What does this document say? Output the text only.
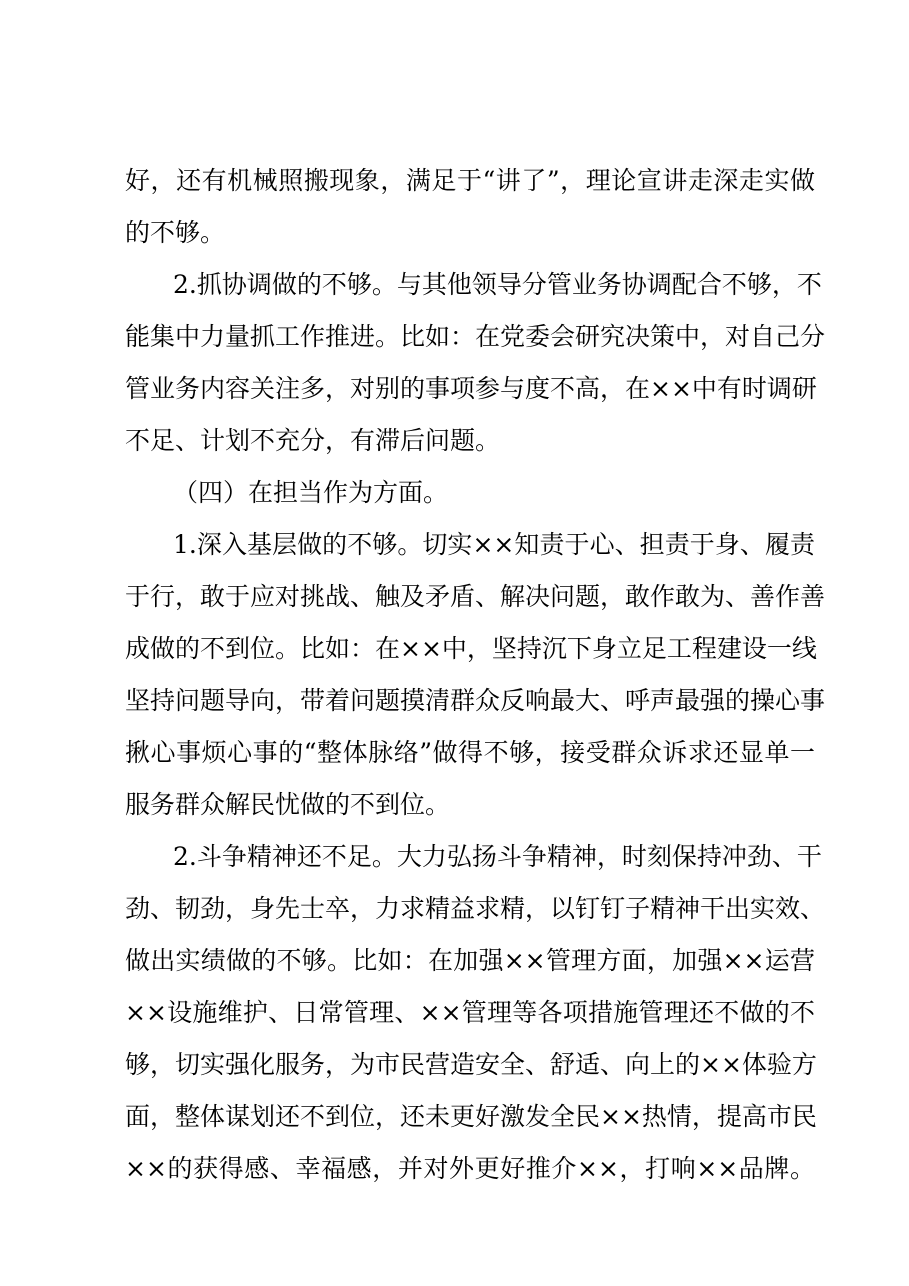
好，还有机械照搬现象，满足于“讲了”，理论宣讲走深走实做
的不够。
2.抓协调做的不够。与其他领导分管业务协调配合不够，不
能集中力量抓工作推进。比如：在党委会研究决策中，对自己分
管业务内容关注多，对别的事项参与度不高，在××中有时调研
不足、计划不充分，有滞后问题。
（四）在担当作为方面。
1.深入基层做的不够。切实××知责于心、担责于身、履责
于行，敢于应对挑战、触及矛盾、解决问题，敢作敢为、善作善
成做的不到位。比如：在××中，坚持沉下身立足工程建设一线
坚持问题导向，带着问题摸清群众反响最大、呼声最强的操心事
揪心事烦心事的“整体脉络”做得不够，接受群众诉求还显单一
服务群众解民忧做的不到位。
2.斗争精神还不足。大力弘扬斗争精神，时刻保持冲劲、干
劲、韧劲，身先士卒，力求精益求精，以钉钉子精神干出实效、
做出实绩做的不够。比如：在加强××管理方面，加强××运营
××设施维护、日常管理、××管理等各项措施管理还不做的不
够，切实强化服务，为市民营造安全、舒适、向上的××体验方
面，整体谋划还不到位，还未更好激发全民××热情，提高市民
××的获得感、幸福感，并对外更好推介××，打响××品牌。
